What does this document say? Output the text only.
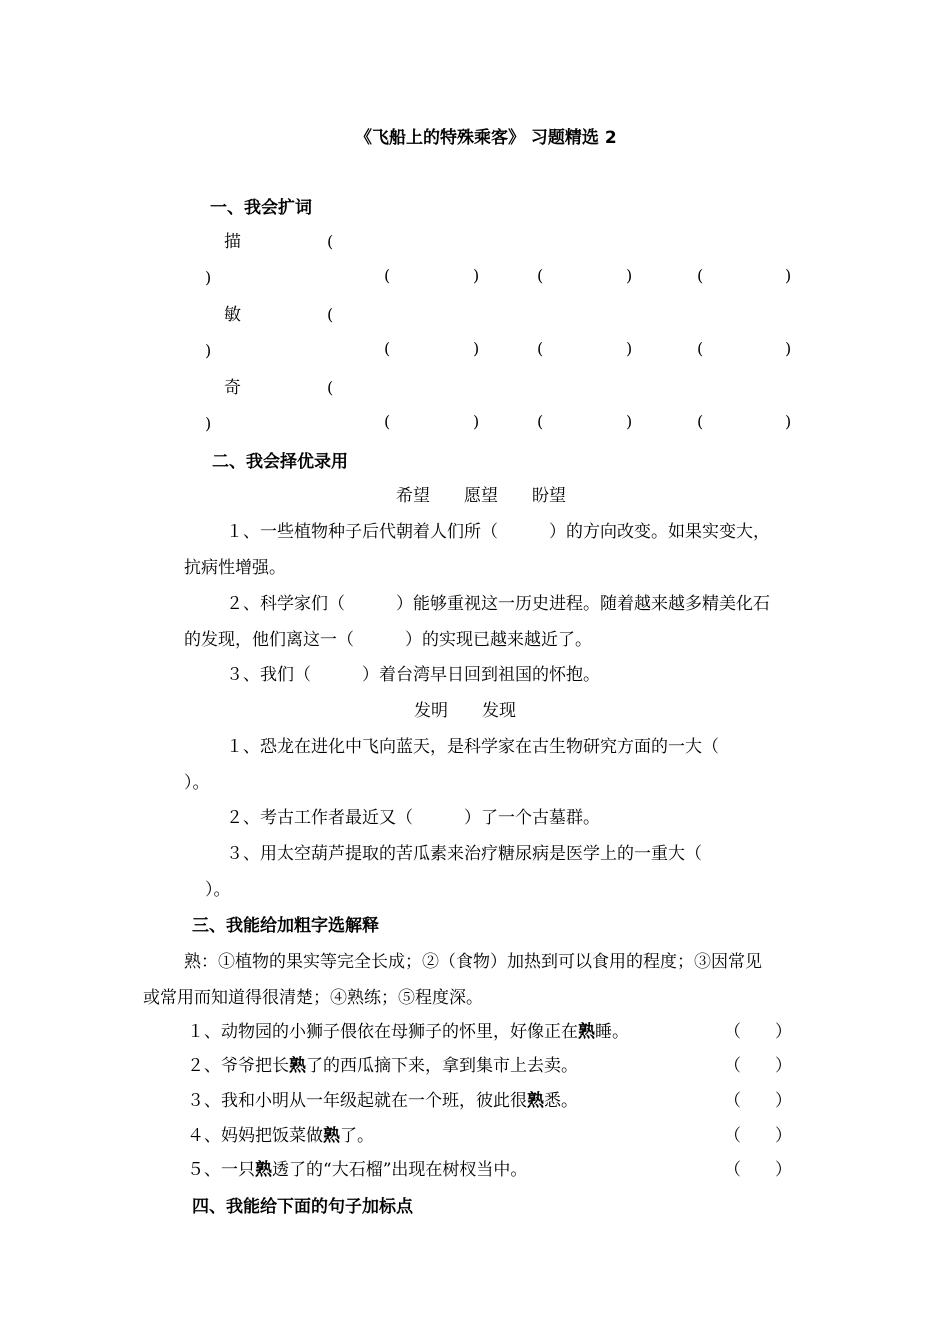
《飞船上的特殊乘客》 习题精选 2
一、我会扩词
描	(
)	(	)	(	)	(	)
敏	(
)	(	)	(	)	(	)
奇	(
)	(	)	(	)	(	)
二、我会择优录用
希望　　愿望　　盼望
１、一些植物种子后代朝着人们所（　　　）的方向改变。如果实变大，
抗病性增强。
２、科学家们（　　　）能够重视这一历史进程。随着越来越多精美化石
的发现，他们离这一（　　　）的实现已越来越近了。
３、我们（　　　）着台湾早日回到祖国的怀抱。
发明　　发现
１、恐龙在进化中飞向蓝天，是科学家在古生物研究方面的一大（
）。
２、考古工作者最近又（　　　）了一个古墓群。
３、用太空葫芦提取的苦瓜素来治疗糖尿病是医学上的一重大（
）。
三、我能给加粗字选解释
熟：①植物的果实等完全长成；②（食物）加热到可以食用的程度；③因常见
或常用而知道得很清楚；④熟练；⑤程度深。
１、动物园的小狮子偎依在母狮子的怀里，好像正在熟睡。	（　　）
２、爷爷把长熟了的西瓜摘下来，拿到集市上去卖。	（　　）
３、我和小明从一年级起就在一个班，彼此很熟悉。	（　　）
４、妈妈把饭菜做熟了。	（　　）
５、一只熟透了的“大石榴”出现在树杈当中。	（　　）
四、我能给下面的句子加标点
